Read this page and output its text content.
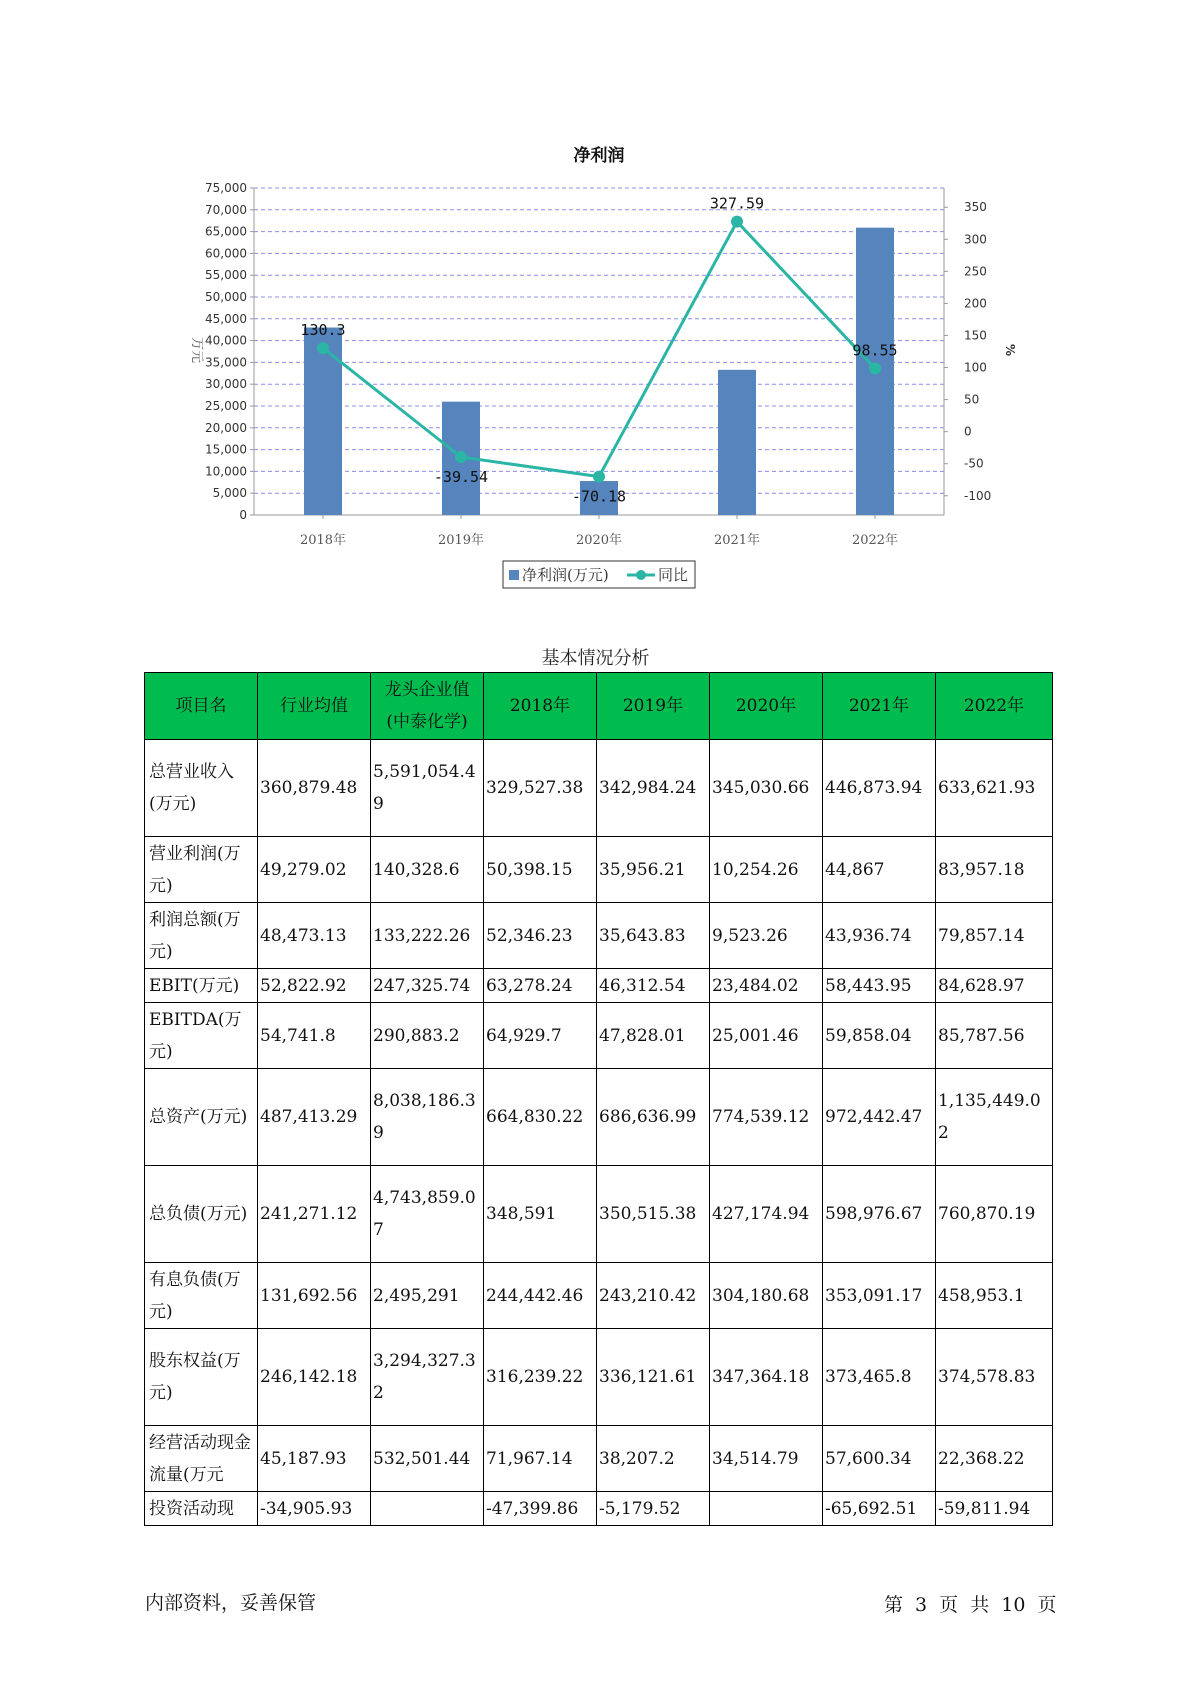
净利润
0
5,000
10,000
15,000
20,000
25,000
30,000
35,000
40,000
45,000
50,000
55,000
60,000
65,000
70,000
75,000
-100
-50
0
50
100
150
200
250
300
350
万元	%
2018年	2019年	2020年	2021年	2022年
130.3
-39.54
-70.18
327.59
98.55
净利润(万元)	同比
基本情况分析
项目名	行业均值	龙头企业值(中泰化学)	2018年	2019年	2020年	2021年	2022年
总营业收入(万元)	360,879.48	5,591,054.49	329,527.38	342,984.24	345,030.66	446,873.94	633,621.93
营业利润(万元)	49,279.02	140,328.6	50,398.15	35,956.21	10,254.26	44,867	83,957.18
利润总额(万元)	48,473.13	133,222.26	52,346.23	35,643.83	9,523.26	43,936.74	79,857.14
EBIT(万元)	52,822.92	247,325.74	63,278.24	46,312.54	23,484.02	58,443.95	84,628.97
EBITDA(万元)	54,741.8	290,883.2	64,929.7	47,828.01	25,001.46	59,858.04	85,787.56
总资产(万元)	487,413.29	8,038,186.39	664,830.22	686,636.99	774,539.12	972,442.47	1,135,449.02
总负债(万元)	241,271.12	4,743,859.07	348,591	350,515.38	427,174.94	598,976.67	760,870.19
有息负债(万元)	131,692.56	2,495,291	244,442.46	243,210.42	304,180.68	353,091.17	458,953.1
股东权益(万元)	246,142.18	3,294,327.32	316,239.22	336,121.61	347,364.18	373,465.8	374,578.83
经营活动现金流量(万元	45,187.93	532,501.44	71,967.14	38,207.2	34,514.79	57,600.34	22,368.22
投资活动现	-34,905.93		-47,399.86	-5,179.52		-65,692.51	-59,811.94
内部资料，妥善保管	第 3 页 共 10 页
